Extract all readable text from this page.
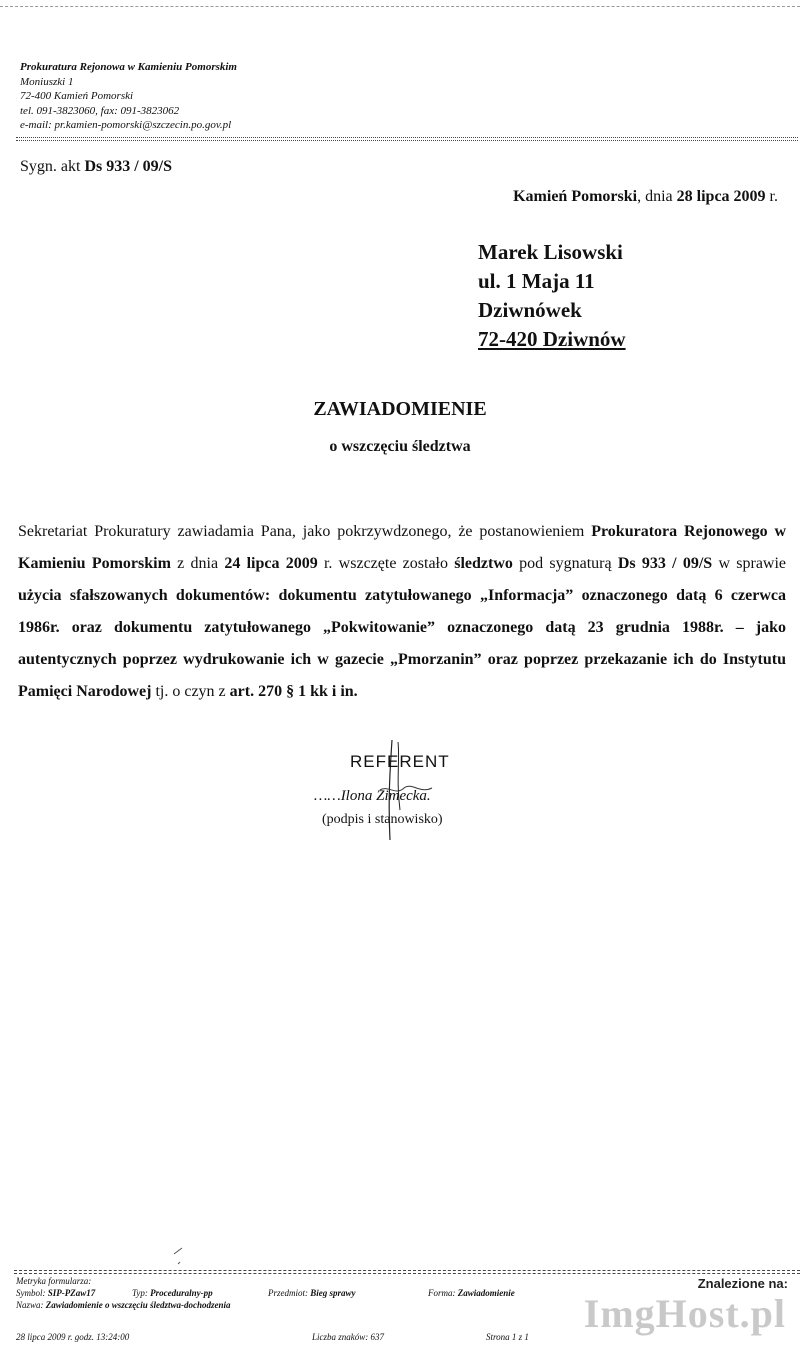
Prokuratura Rejonowa w Kamieniu Pomorskim
Moniuszki 1
72-400 Kamień Pomorski
tel. 091-3823060, fax: 091-3823062
e-mail: pr.kamien-pomorski@szczecin.po.gov.pl
Sygn. akt Ds 933 / 09/S
Kamień Pomorski, dnia 28 lipca 2009 r.
Marek Lisowski
ul. 1 Maja 11
Dziwnówek
72-420 Dziwnów
ZAWIADOMIENIE
o wszczęciu śledztwa
Sekretariat Prokuratury zawiadamia Pana, jako pokrzywdzonego, że postanowieniem Prokuratora Rejonowego w Kamieniu Pomorskim z dnia 24 lipca 2009 r. wszczęte zostało śledztwo pod sygnaturą Ds 933 / 09/S w sprawie użycia sfałszowanych dokumentów: dokumentu zatytułowanego „Informacja” oznaczonego datą 6 czerwca 1986r. oraz dokumentu zatytułowanego „Pokwitowanie” oznaczonego datą 23 grudnia 1988r. – jako autentycznych poprzez wydrukowanie ich w gazecie „Pmorzanin” oraz poprzez przekazanie ich do Instytutu Pamięci Narodowej tj. o czyn z art. 270 § 1 kk i in.
REFERENT
……Ilona Zimecka.
(podpis i stanowisko)
Metryka formularza:
Symbol: SIP-PZaw17	Typ: Proceduralny-pp	Przedmiot: Bieg sprawy	Forma: Zawiadomienie
Nazwa: Zawiadomienie o wszczęciu śledztwa-dochodzenia
28 lipca 2009 r. godz. 13:24:00	Liczba znaków: 637	Strona 1 z 1
Znalezione na:
ImgHost.pl
